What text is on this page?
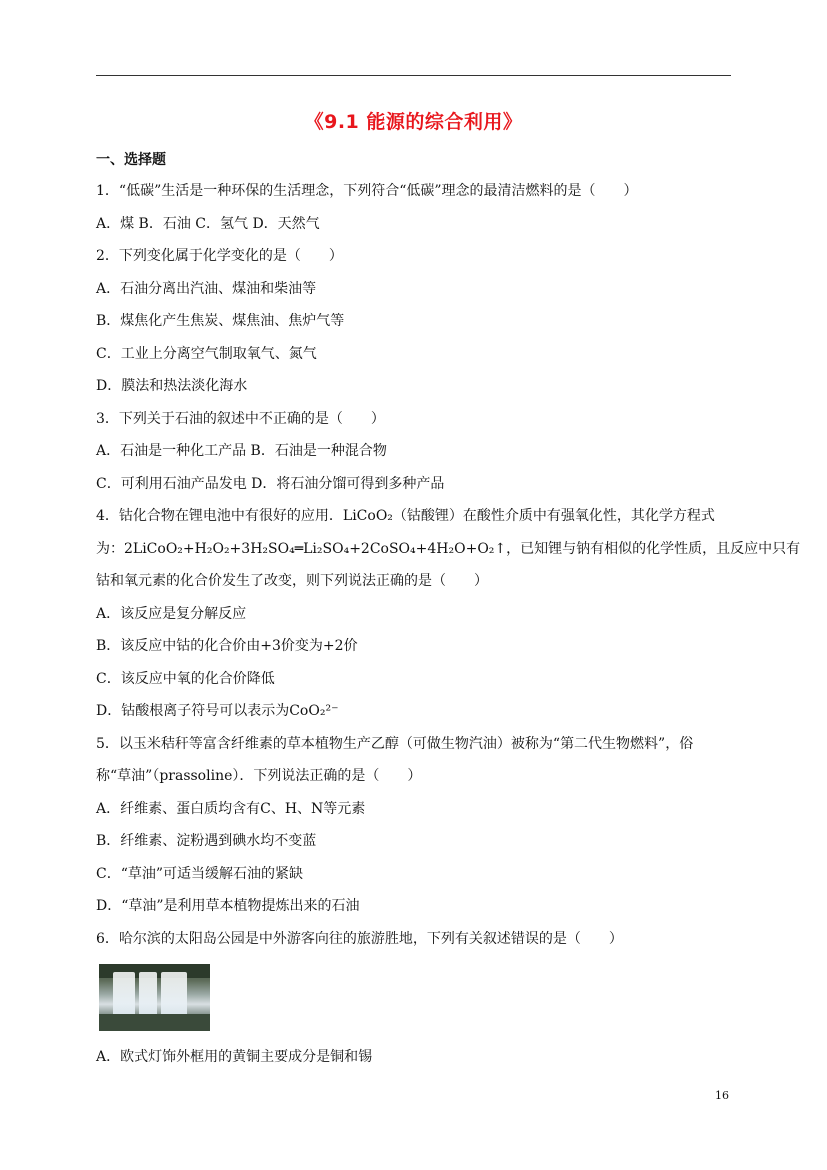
《9.1 能源的综合利用》
一、选择题
1．“低碳”生活是一种环保的生活理念，下列符合“低碳”理念的最清洁燃料的是（　　）
A．煤 B．石油 C．氢气 D．天然气
2．下列变化属于化学变化的是（　　）
A．石油分离出汽油、煤油和柴油等
B．煤焦化产生焦炭、煤焦油、焦炉气等
C．工业上分离空气制取氧气、氮气
D．膜法和热法淡化海水
3．下列关于石油的叙述中不正确的是（　　）
A．石油是一种化工产品 B．石油是一种混合物
C．可利用石油产品发电 D．将石油分馏可得到多种产品
4．钴化合物在锂电池中有很好的应用．LiCoO₂（钴酸锂）在酸性介质中有强氧化性，其化学方程式
为：2LiCoO₂+H₂O₂+3H₂SO₄═Li₂SO₄+2CoSO₄+4H₂O+O₂↑，已知锂与钠有相似的化学性质，且反应中只有
钴和氧元素的化合价发生了改变，则下列说法正确的是（　　）
A．该反应是复分解反应
B．该反应中钴的化合价由+3价变为+2价
C．该反应中氧的化合价降低
D．钴酸根离子符号可以表示为CoO₂²⁻
5．以玉米秸秆等富含纤维素的草本植物生产乙醇（可做生物汽油）被称为“第二代生物燃料”，俗
称“草油”（prassoline）．下列说法正确的是（　　）
A．纤维素、蛋白质均含有C、H、N等元素
B．纤维素、淀粉遇到碘水均不变蓝
C．“草油”可适当缓解石油的紧缺
D．“草油”是利用草本植物提炼出来的石油
6．哈尔滨的太阳岛公园是中外游客向往的旅游胜地，下列有关叙述错误的是（　　）
A．欧式灯饰外框用的黄铜主要成分是铜和锡
16
